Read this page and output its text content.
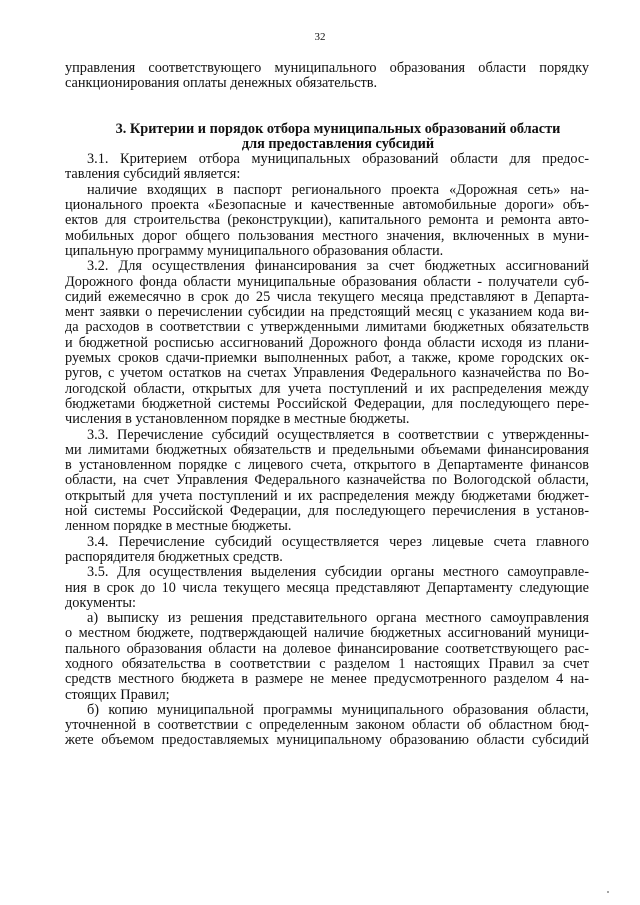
32
управления соответствующего муниципального образования области порядку
санкционирования оплаты денежных обязательств.
3. Критерии и порядок отбора муниципальных образований области
для предоставления субсидий
3.1. Критерием отбора муниципальных образований области для предос-
тавления субсидий является:
наличие входящих в паспорт регионального проекта «Дорожная сеть» на-
ционального проекта «Безопасные и качественные автомобильные дороги» объ-
ектов для строительства (реконструкции), капитального ремонта и ремонта авто-
мобильных дорог общего пользования местного значения, включенных в муни-
ципальную программу муниципального образования области.
3.2. Для осуществления финансирования за счет бюджетных ассигнований
Дорожного фонда области муниципальные образования области - получатели суб-
сидий ежемесячно в срок до 25 числа текущего месяца представляют в Департа-
мент заявки о перечислении субсидии на предстоящий месяц с указанием кода ви-
да расходов в соответствии с утвержденными лимитами бюджетных обязательств
и бюджетной росписью ассигнований Дорожного фонда области исходя из плани-
руемых сроков сдачи-приемки выполненных работ, а также, кроме городских ок-
ругов, с учетом остатков на счетах Управления Федерального казначейства по Во-
логодской области, открытых для учета поступлений и их распределения между
бюджетами бюджетной системы Российской Федерации, для последующего пере-
числения в установленном порядке в местные бюджеты.
3.3. Перечисление субсидий осуществляется в соответствии с утвержденны-
ми лимитами бюджетных обязательств и предельными объемами финансирования
в установленном порядке с лицевого счета, открытого в Департаменте финансов
области, на счет Управления Федерального казначейства по Вологодской области,
открытый для учета поступлений и их распределения между бюджетами бюджет-
ной системы Российской Федерации, для последующего перечисления в установ-
ленном порядке в местные бюджеты.
3.4. Перечисление субсидий осуществляется через лицевые счета главного
распорядителя бюджетных средств.
3.5. Для осуществления выделения субсидии органы местного самоуправле-
ния в срок до 10 числа текущего месяца представляют Департаменту следующие
документы:
а) выписку из решения представительного органа местного самоуправления
о местном бюджете, подтверждающей наличие бюджетных ассигнований муници-
пального образования области на долевое финансирование соответствующего рас-
ходного обязательства в соответствии с разделом 1 настоящих Правил за счет
средств местного бюджета в размере не менее предусмотренного разделом 4 на-
стоящих Правил;
б) копию муниципальной программы муниципального образования области,
уточненной в соответствии с определенным законом области об областном бюд-
жете объемом предоставляемых муниципальному образованию области субсидий
